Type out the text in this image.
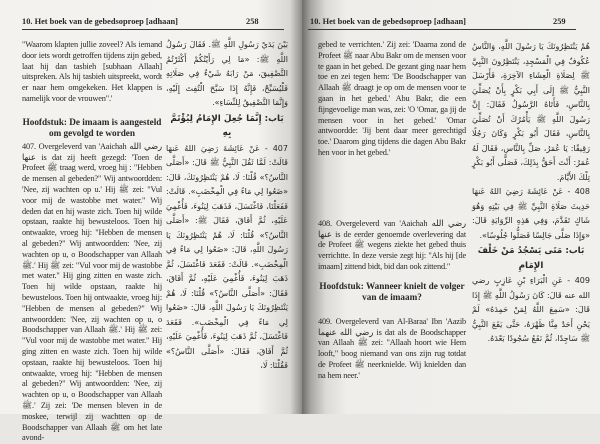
10. Het boek van de gebedsoproep [adhaan]	258

"Waarom klapten jullie zoveel? Als iemand door iets wordt getroffen tijdens zijn gebed, laat hij dan tasbieh [subhaan Allaah] uitspreken. Als hij tasbieh uitspreekt, wordt er naar hem omgekeken. Het klappen is namelijk voor de vrouwen".'

Hoofdstuk: De imaam is aangesteld om gevolgd te worden

407. Overgeleverd van 'Aaichah رضي الله عنها is dat zij heeft gezegd: 'Toen de Profeet ﷺ traag werd, vroeg hij : "Hebben de mensen al gebeden?" Wij antwoordden: 'Nee, zij wachten op u.' Hij ﷺ zei: "Vul voor mij de wastobbe met water." Wij deden dat en hij waste zich. Toen hij wilde opstaan, raakte hij bewusteloos. Toen hij ontwaakte, vroeg hij: "Hebben de mensen al gebeden?" Wij antwoordden: 'Nee, zij wachten op u, o Boodschapper van Allaah ﷺ.' Hij ﷺ zei: "Vul voor mij de wastobbe met water." Hij ging zitten en waste zich. Toen hij wilde opstaan, raakte hij bewusteloos. Toen hij ontwaakte, vroeg hij: "Hebben de mensen al gebeden?" Wij antwoordden: 'Nee, zij wachten op u, o Boodschapper van Allaah ﷺ.' Hij ﷺ zei: "Vul voor mij de wastobbe met water." Hij ging zitten en waste zich. Toen hij wilde opstaan, raakte hij bewusteloos. Toen hij ontwaakte, vroeg hij: "Hebben de mensen al gebeden?" Wij antwoordden: 'Nee, zij wachten op u, o Boodschapper van Allaah ﷺ.' Zij zei: 'De mensen bleven in de moskee, terwijl zij wachtten op de Boodschapper van Allaah ﷺ om het late avond-

بَيْنَ يَدَيْ رَسُولِ اللَّهِ ﷺ. فَقَالَ رَسُولُ اللَّهِ ﷺ: «مَا لِي رَأَيْتُكُمْ أَكْثَرْتُمُ التَّصْفِيقَ، مَنْ رَابَهُ شَيْءٌ فِي صَلَاتِهِ فَلْيُسَبِّحْ، فَإِنَّهُ إِذَا سَبَّحَ الْتُفِتَ إِلَيْهِ، وَإِنَّمَا التَّصْفِيقُ لِلنِّسَاءِ».

بَاب: إِنَّمَا جُعِلَ الإِمَامُ لِيُؤْتَمَّ بِهِ

407 - عَنْ عَائِشَةَ رَضِيَ اللهُ عَنهَا قَالَتْ: لَمَّا ثَقُلَ النَّبِيُّ ﷺ قَالَ: «أَصَلَّى النَّاسُ؟» قُلْنَا: لَا، هُمْ يَنْتَظِرُونَكَ، قَالَ: «ضَعُوا لِي مَاءً فِي الْمِخْضَبِ». قَالَتْ: فَفَعَلْنَا، فَاغْتَسَلَ، فَذَهَبَ لِيَنُوءَ، فَأُغْمِيَ عَلَيْهِ، ثُمَّ أَفَاقَ، فَقَالَ ﷺ: «أَصَلَّى النَّاسُ؟» قُلْنَا: لَا، هُمْ يَنْتَظِرُونَكَ يَا رَسُولَ اللَّهِ، قَالَ: «ضَعُوا لِي مَاءً فِي الْمِخْضَبِ». قَالَتْ: فَقَعَدَ فَاغْتَسَلَ، ثُمَّ ذَهَبَ لِيَنُوءَ، فَأُغْمِيَ عَلَيْهِ، ثُمَّ أَفَاقَ، فَقَالَ: «أَصَلَّى النَّاسُ؟» قُلْنَا: لَا، هُمْ يَنْتَظِرُونَكَ يَا رَسُولَ اللَّهِ، قَالَ: «ضَعُوا لِي مَاءً فِي الْمِخْضَبِ». فَقَعَدَ فَاغْتَسَلَ، ثُمَّ ذَهَبَ لِيَنُوءَ، فَأُغْمِيَ عَلَيْهِ، ثُمَّ أَفَاقَ، فَقَالَ: «أَصَلَّى النَّاسُ؟» فَقُلْنَا: لَا،

10. Het boek van de gebedsoproep [adhaan]	259

gebed te verrichten.' Zij zei: 'Daarna zond de Profeet ﷺ naar Abu Bakr om de mensen voor te gaan in het gebed. De gezant ging naar hem toe en zei tegen hem: 'De Boodschapper van Allaah ﷺ draagt je op om de mensen voor te gaan in het gebed.' Abu Bakr, die een fijngevoelige man was, zei: 'O 'Omar, ga jij de mensen voor in het gebed.' 'Omar antwoordde: 'Jij bent daar meer gerechtigd toe.' Daarom ging tijdens die dagen Abu Bakr hen voor in het gebed.'

408. Overgeleverd van 'Aaichah رضي الله عنها is de eerder genoemde overlevering dat de Profeet ﷺ wegens ziekte het gebed thuis verrichtte. In deze versie zegt hij: "Als hij [de imaam] zittend bidt, bid dan ook zittend."

Hoofdstuk: Wanneer knielt de volger van de imaam?

409. Overgeleverd van Al-Baraa' Ibn 'Aazib رضي الله عنهما is dat als de Boodschapper van Allaah ﷺ zei: "Allaah hoort wie Hem looft," boog niemand van ons zijn rug totdat de Profeet ﷺ neerknielde. Wij knielden dan na hem neer.'

هُمْ يَنْتَظِرُونَكَ يَا رَسُولَ اللَّهِ، وَالنَّاسُ عُكُوفٌ فِي الْمَسْجِدِ، يَنْتَظِرُونَ النَّبِيَّ ﷺ لِصَلَاةِ الْعِشَاءِ الآخِرَةِ، فَأَرْسَلَ النَّبِيُّ ﷺ إِلَى أَبِي بَكْرٍ بِأَنْ يُصَلِّيَ بِالنَّاسِ، فَأَتَاهُ الرَّسُولُ فَقَالَ: إِنَّ رَسُولَ اللَّهِ ﷺ يَأْمُرُكَ أَنْ تُصَلِّيَ بِالنَّاسِ، فَقَالَ أَبُو بَكْرٍ وَكَانَ رَجُلًا رَقِيقًا: يَا عُمَرُ، صَلِّ بِالنَّاسِ، فَقَالَ لَهُ عُمَرُ: أَنْتَ أَحَقُّ بِذَلِكَ، فَصَلَّى أَبُو بَكْرٍ تِلْكَ الأَيَّامَ.

408 - عَنْ عَائِشَةَ رَضِيَ اللهُ عَنهَا حَدِيثَ صَلَاةِ النَّبِيِّ ﷺ فِي بَيْتِهِ وَهُوَ شَاكٍ تَقَدَّمَ، وَفِي هَذِهِ الرِّوَايَةِ قَالَ: «وَإِذَا صَلَّى جَالِسًا فَصَلُّوا جُلُوسًا».

بَاب: مَتَى يَسْجُدُ مَنْ خَلْفَ الإِمَامِ

409 - عَنِ الْبَرَاءِ بْنِ عَازِبٍ رضي الله عنه قَالَ: كَانَ رَسُولُ اللَّهِ ﷺ إِذَا قَالَ: «سَمِعَ اللَّهُ لِمَنْ حَمِدَهُ» لَمْ يَحْنِ أَحَدٌ مِنَّا ظَهْرَهُ، حَتَّى يَقَعَ النَّبِيُّ ﷺ سَاجِدًا، ثُمَّ نَقَعُ سُجُودًا بَعْدَهُ.
